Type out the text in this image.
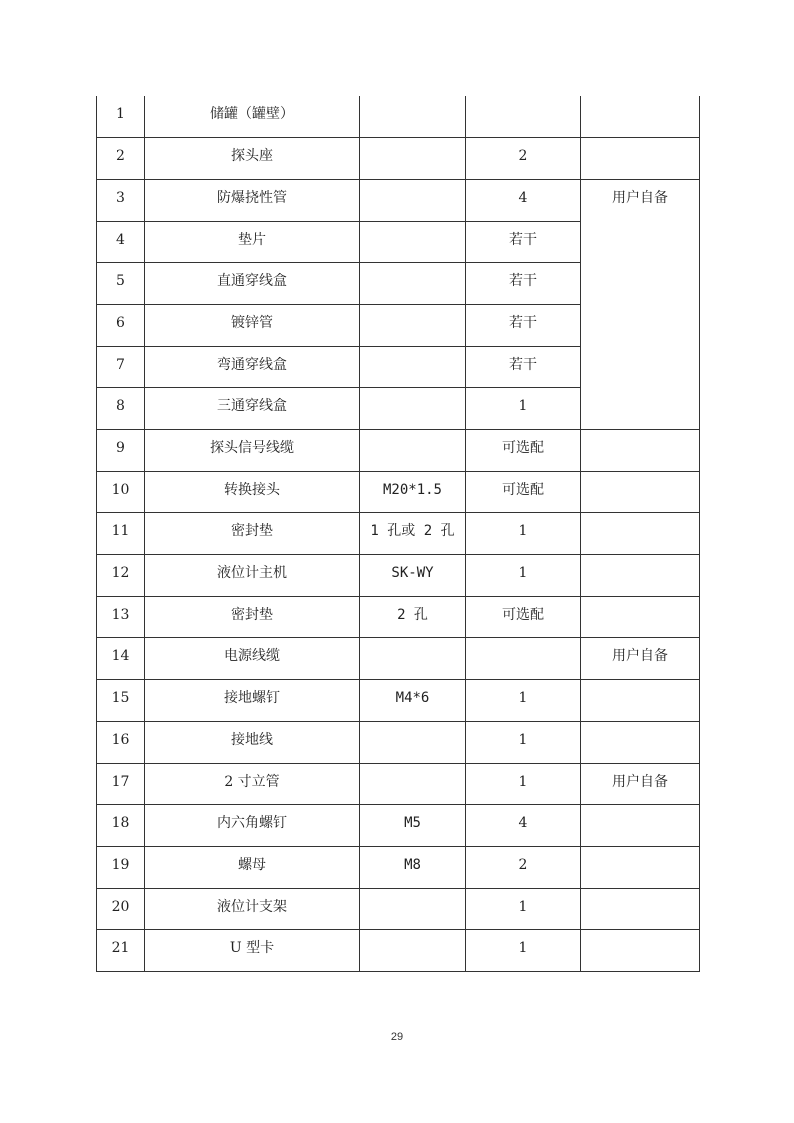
1	储罐（罐壁）			
2	探头座		2	
3	防爆挠性管		4	用户自备
4	垫片		若干	
5	直通穿线盒		若干	
6	镀锌管		若干	
7	弯通穿线盒		若干	
8	三通穿线盒		1	
9	探头信号线缆		可选配	
10	转换接头	M20*1.5	可选配	
11	密封垫	1 孔或 2 孔	1	
12	液位计主机	SK-WY	1	
13	密封垫	2 孔	可选配	
14	电源线缆			用户自备
15	接地螺钉	M4*6	1	
16	接地线		1	
17	2 寸立管		1	用户自备
18	内六角螺钉	M5	4	
19	螺母	M8	2	
20	液位计支架		1	
21	U 型卡		1	
29
